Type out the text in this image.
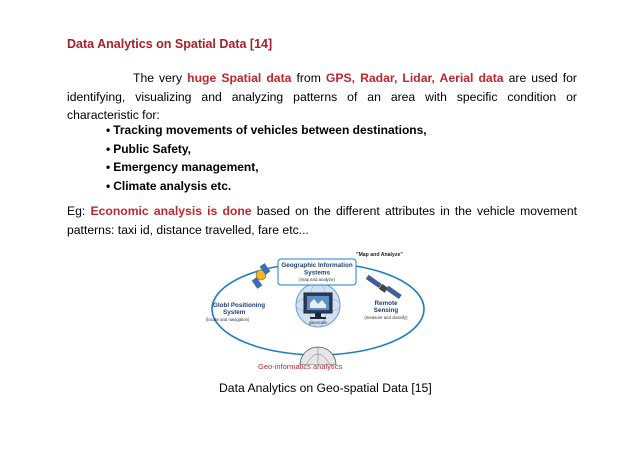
Data Analytics on Spatial Data [14]
The very huge Spatial data from GPS, Radar, Lidar, Aerial data are used for identifying, visualizing and analyzing patterns of an area with specific condition or characteristic for:
• Tracking movements of vehicles between destinations,
• Public Safety,
• Emergency management,
• Climate analysis etc.
Eg: Economic analysis is done based on the different attributes in the vehicle movement patterns: taxi id, distance travelled, fare etc...
geoscale
Geographic Information
Systems
(map and analyze)
"Map and Analyze"
Globl Positioning
System
(locate and navigation)
Remote
Sensing
(measure and classify)
Geo-informatics analytics
Data Analytics on Geo-spatial Data [15]
